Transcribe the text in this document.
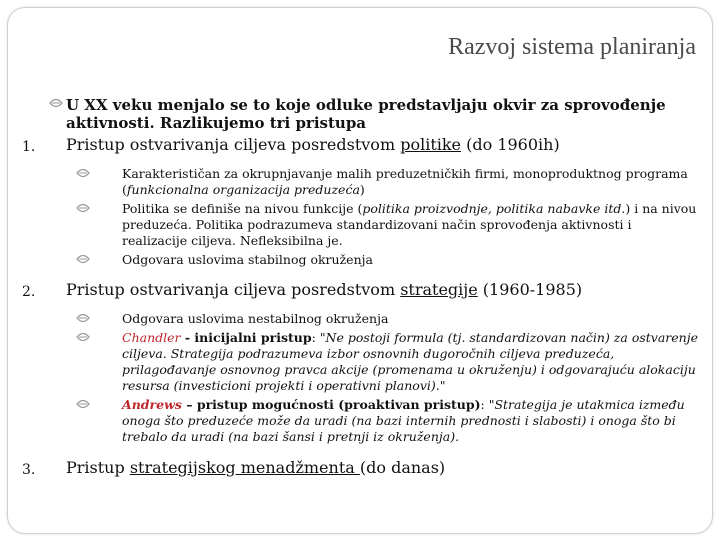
Razvoj sistema planiranja
U XX veku menjalo se to koje odluke predstavljaju okvir za sprovođenje aktivnosti. Razlikujemo tri pristupa
1. Pristup ostvarivanja ciljeva posredstvom politike (do 1960ih)
Karakterističan za okrupnjavanje malih preduzetničkih firmi, monoproduktnog programa (funkcionalna organizacija preduzeća)
Politika se definiše na nivou funkcije (politika proizvodnje, politika nabavke itd.) i na nivou preduzeća. Politika podrazumeva standardizovani način sprovođenja aktivnosti i realizacije ciljeva. Nefleksibilna je.
Odgovara uslovima stabilnog okruženja
2. Pristup ostvarivanja ciljeva posredstvom strategije (1960-1985)
Odgovara uslovima nestabilnog okruženja
Chandler - inicijalni pristup: "Ne postoji formula (tj. standardizovan način) za ostvarenje ciljeva. Strategija podrazumeva izbor osnovnih dugoročnih ciljeva preduzeća, prilagođavanje osnovnog pravca akcije (promenama u okruženju) i odgovarajuću alokaciju resursa (investicioni projekti i operativni planovi)."
Andrews – pristup mogućnosti (proaktivan pristup): "Strategija je utakmica između onoga što preduzeće može da uradi (na bazi internih prednosti i slabosti) i onoga što bi trebalo da uradi (na bazi šansi i pretnji iz okruženja).
3. Pristup strategijskog menadžmenta (do danas)
